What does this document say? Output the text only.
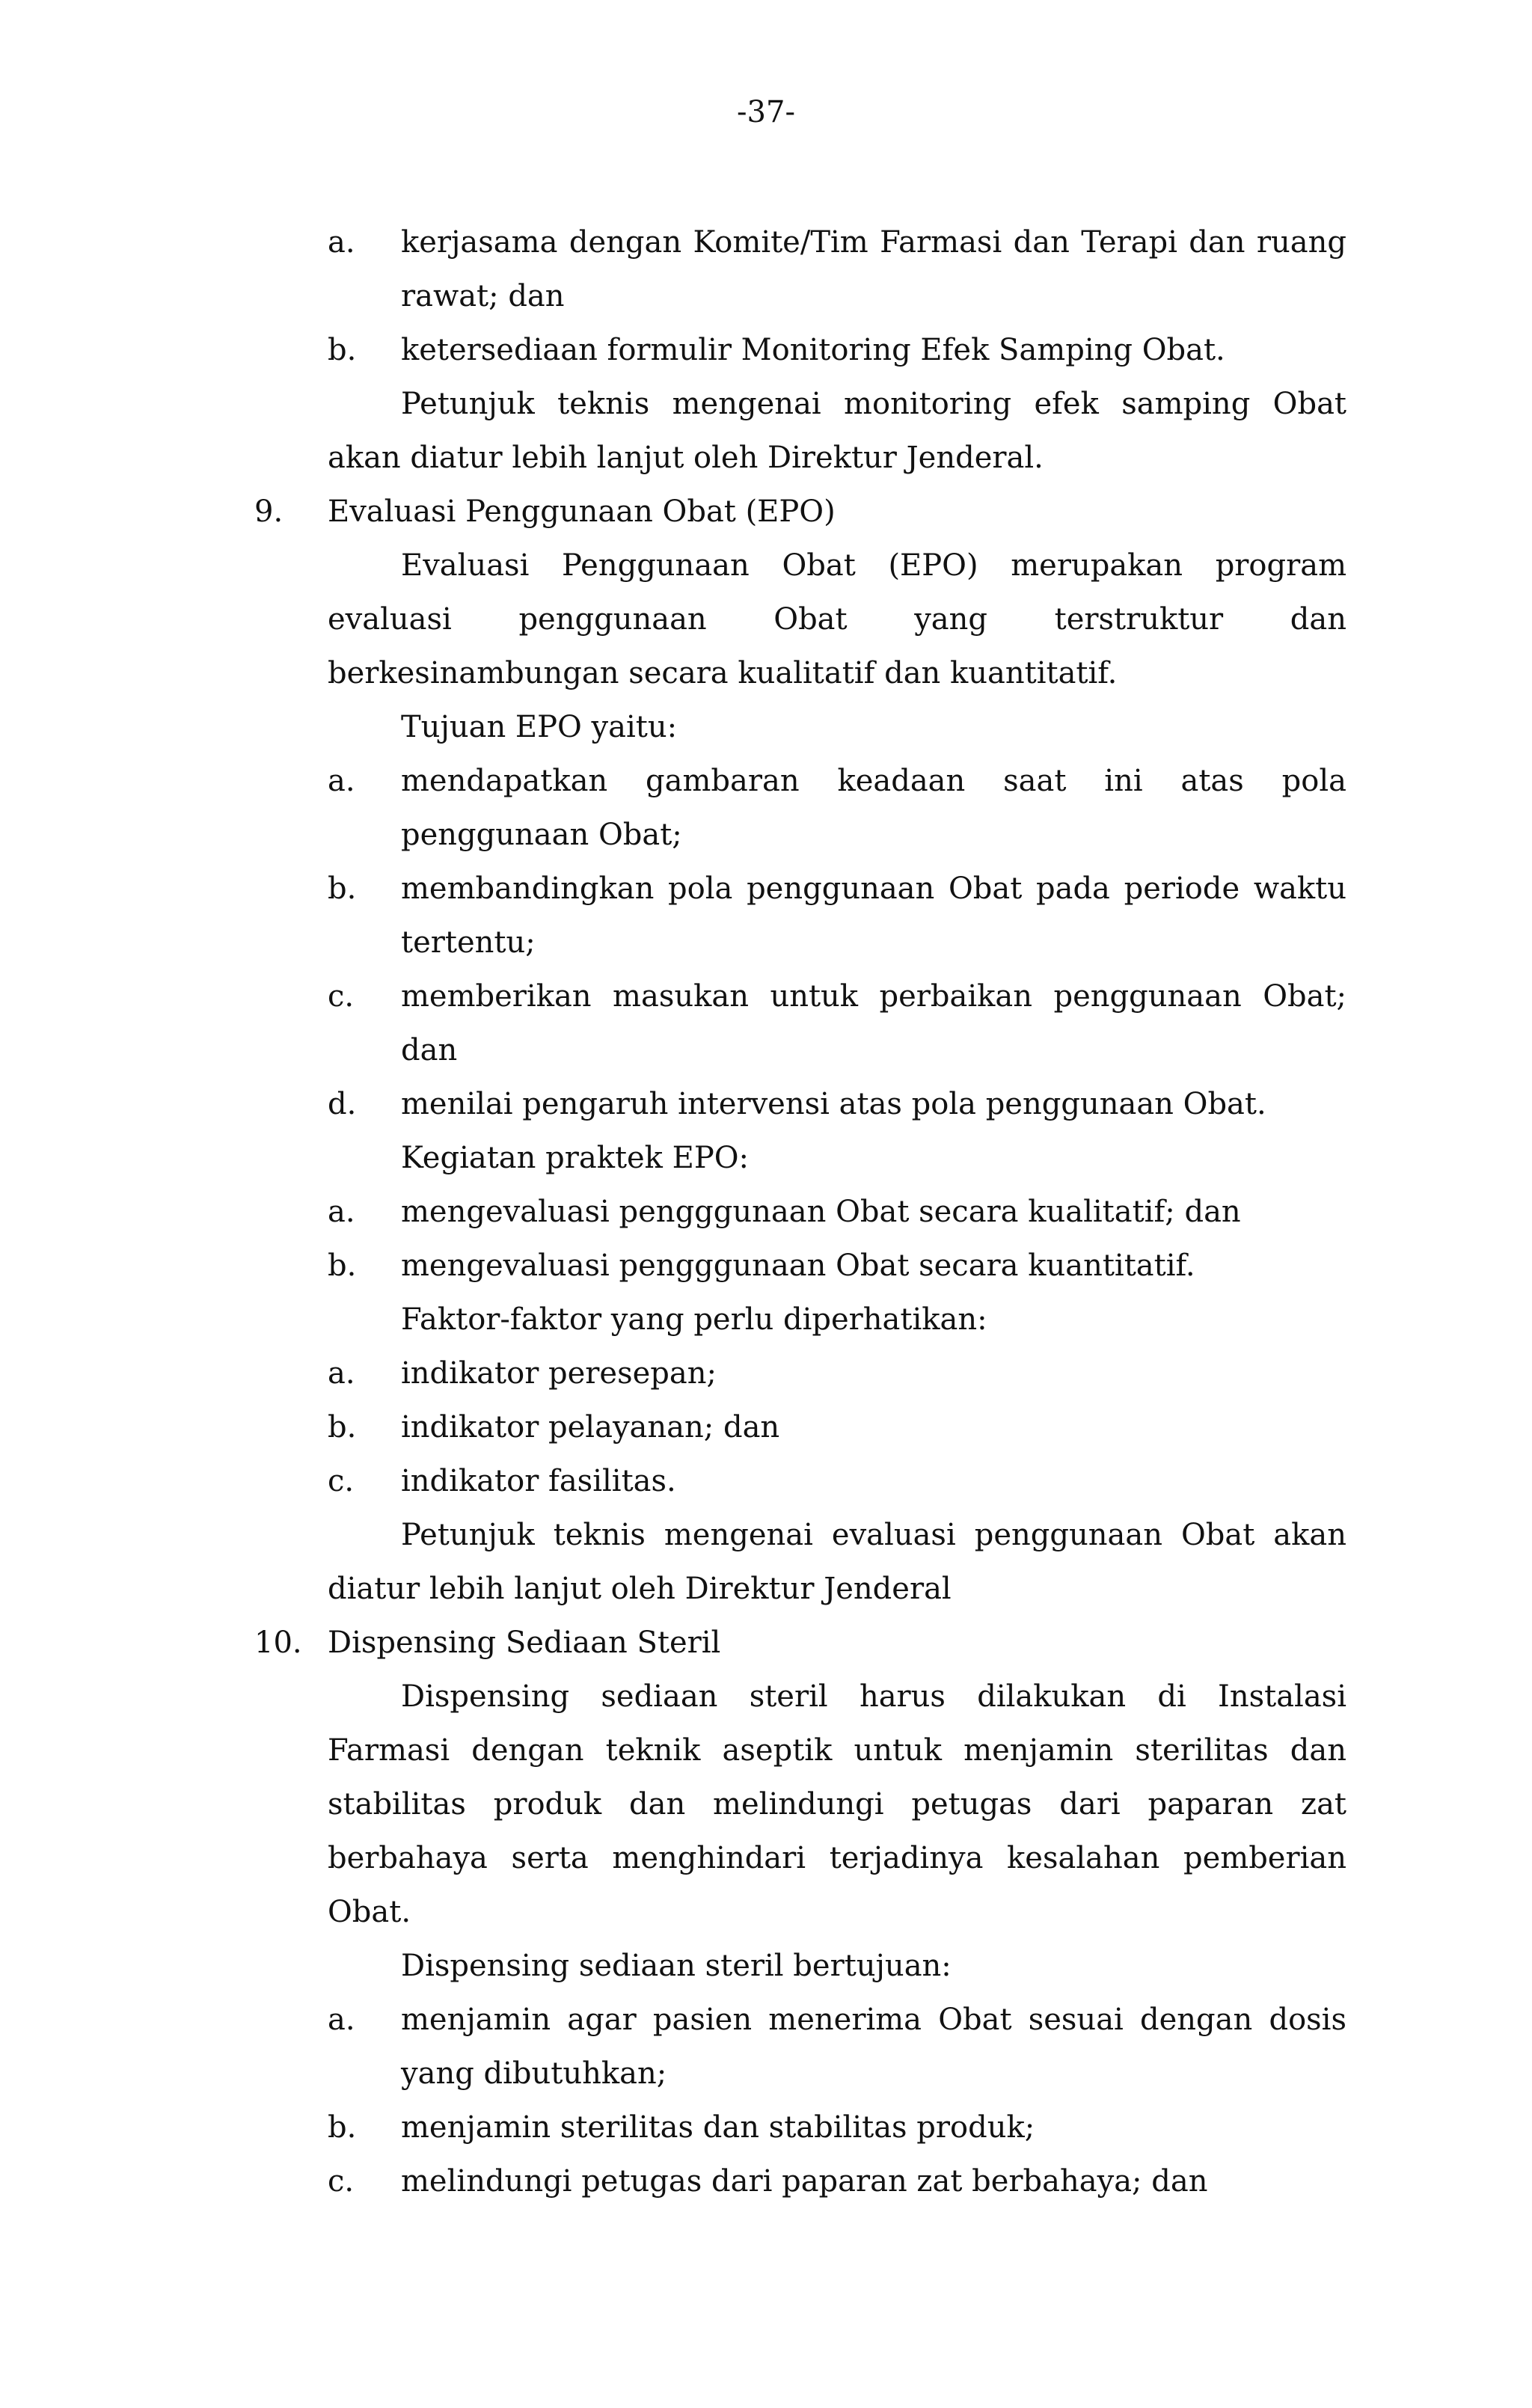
-37-
a. kerjasama dengan Komite/Tim Farmasi dan Terapi dan ruang
rawat; dan
b. ketersediaan formulir Monitoring Efek Samping Obat.
Petunjuk teknis mengenai monitoring efek samping Obat
akan diatur lebih lanjut oleh Direktur Jenderal.
9. Evaluasi Penggunaan Obat (EPO)
Evaluasi Penggunaan Obat (EPO) merupakan program
evaluasi penggunaan Obat yang terstruktur dan
berkesinambungan secara kualitatif dan kuantitatif.
Tujuan EPO yaitu:
a. mendapatkan gambaran keadaan saat ini atas pola
penggunaan Obat;
b. membandingkan pola penggunaan Obat pada periode waktu
tertentu;
c. memberikan masukan untuk perbaikan penggunaan Obat;
dan
d. menilai pengaruh intervensi atas pola penggunaan Obat.
Kegiatan praktek EPO:
a. mengevaluasi pengggunaan Obat secara kualitatif; dan
b. mengevaluasi pengggunaan Obat secara kuantitatif.
Faktor-faktor yang perlu diperhatikan:
a. indikator peresepan;
b. indikator pelayanan; dan
c. indikator fasilitas.
Petunjuk teknis mengenai evaluasi penggunaan Obat akan
diatur lebih lanjut oleh Direktur Jenderal
10. Dispensing Sediaan Steril
Dispensing sediaan steril harus dilakukan di Instalasi
Farmasi dengan teknik aseptik untuk menjamin sterilitas dan
stabilitas produk dan melindungi petugas dari paparan zat
berbahaya serta menghindari terjadinya kesalahan pemberian
Obat.
Dispensing sediaan steril bertujuan:
a. menjamin agar pasien menerima Obat sesuai dengan dosis
yang dibutuhkan;
b. menjamin sterilitas dan stabilitas produk;
c. melindungi petugas dari paparan zat berbahaya; dan
